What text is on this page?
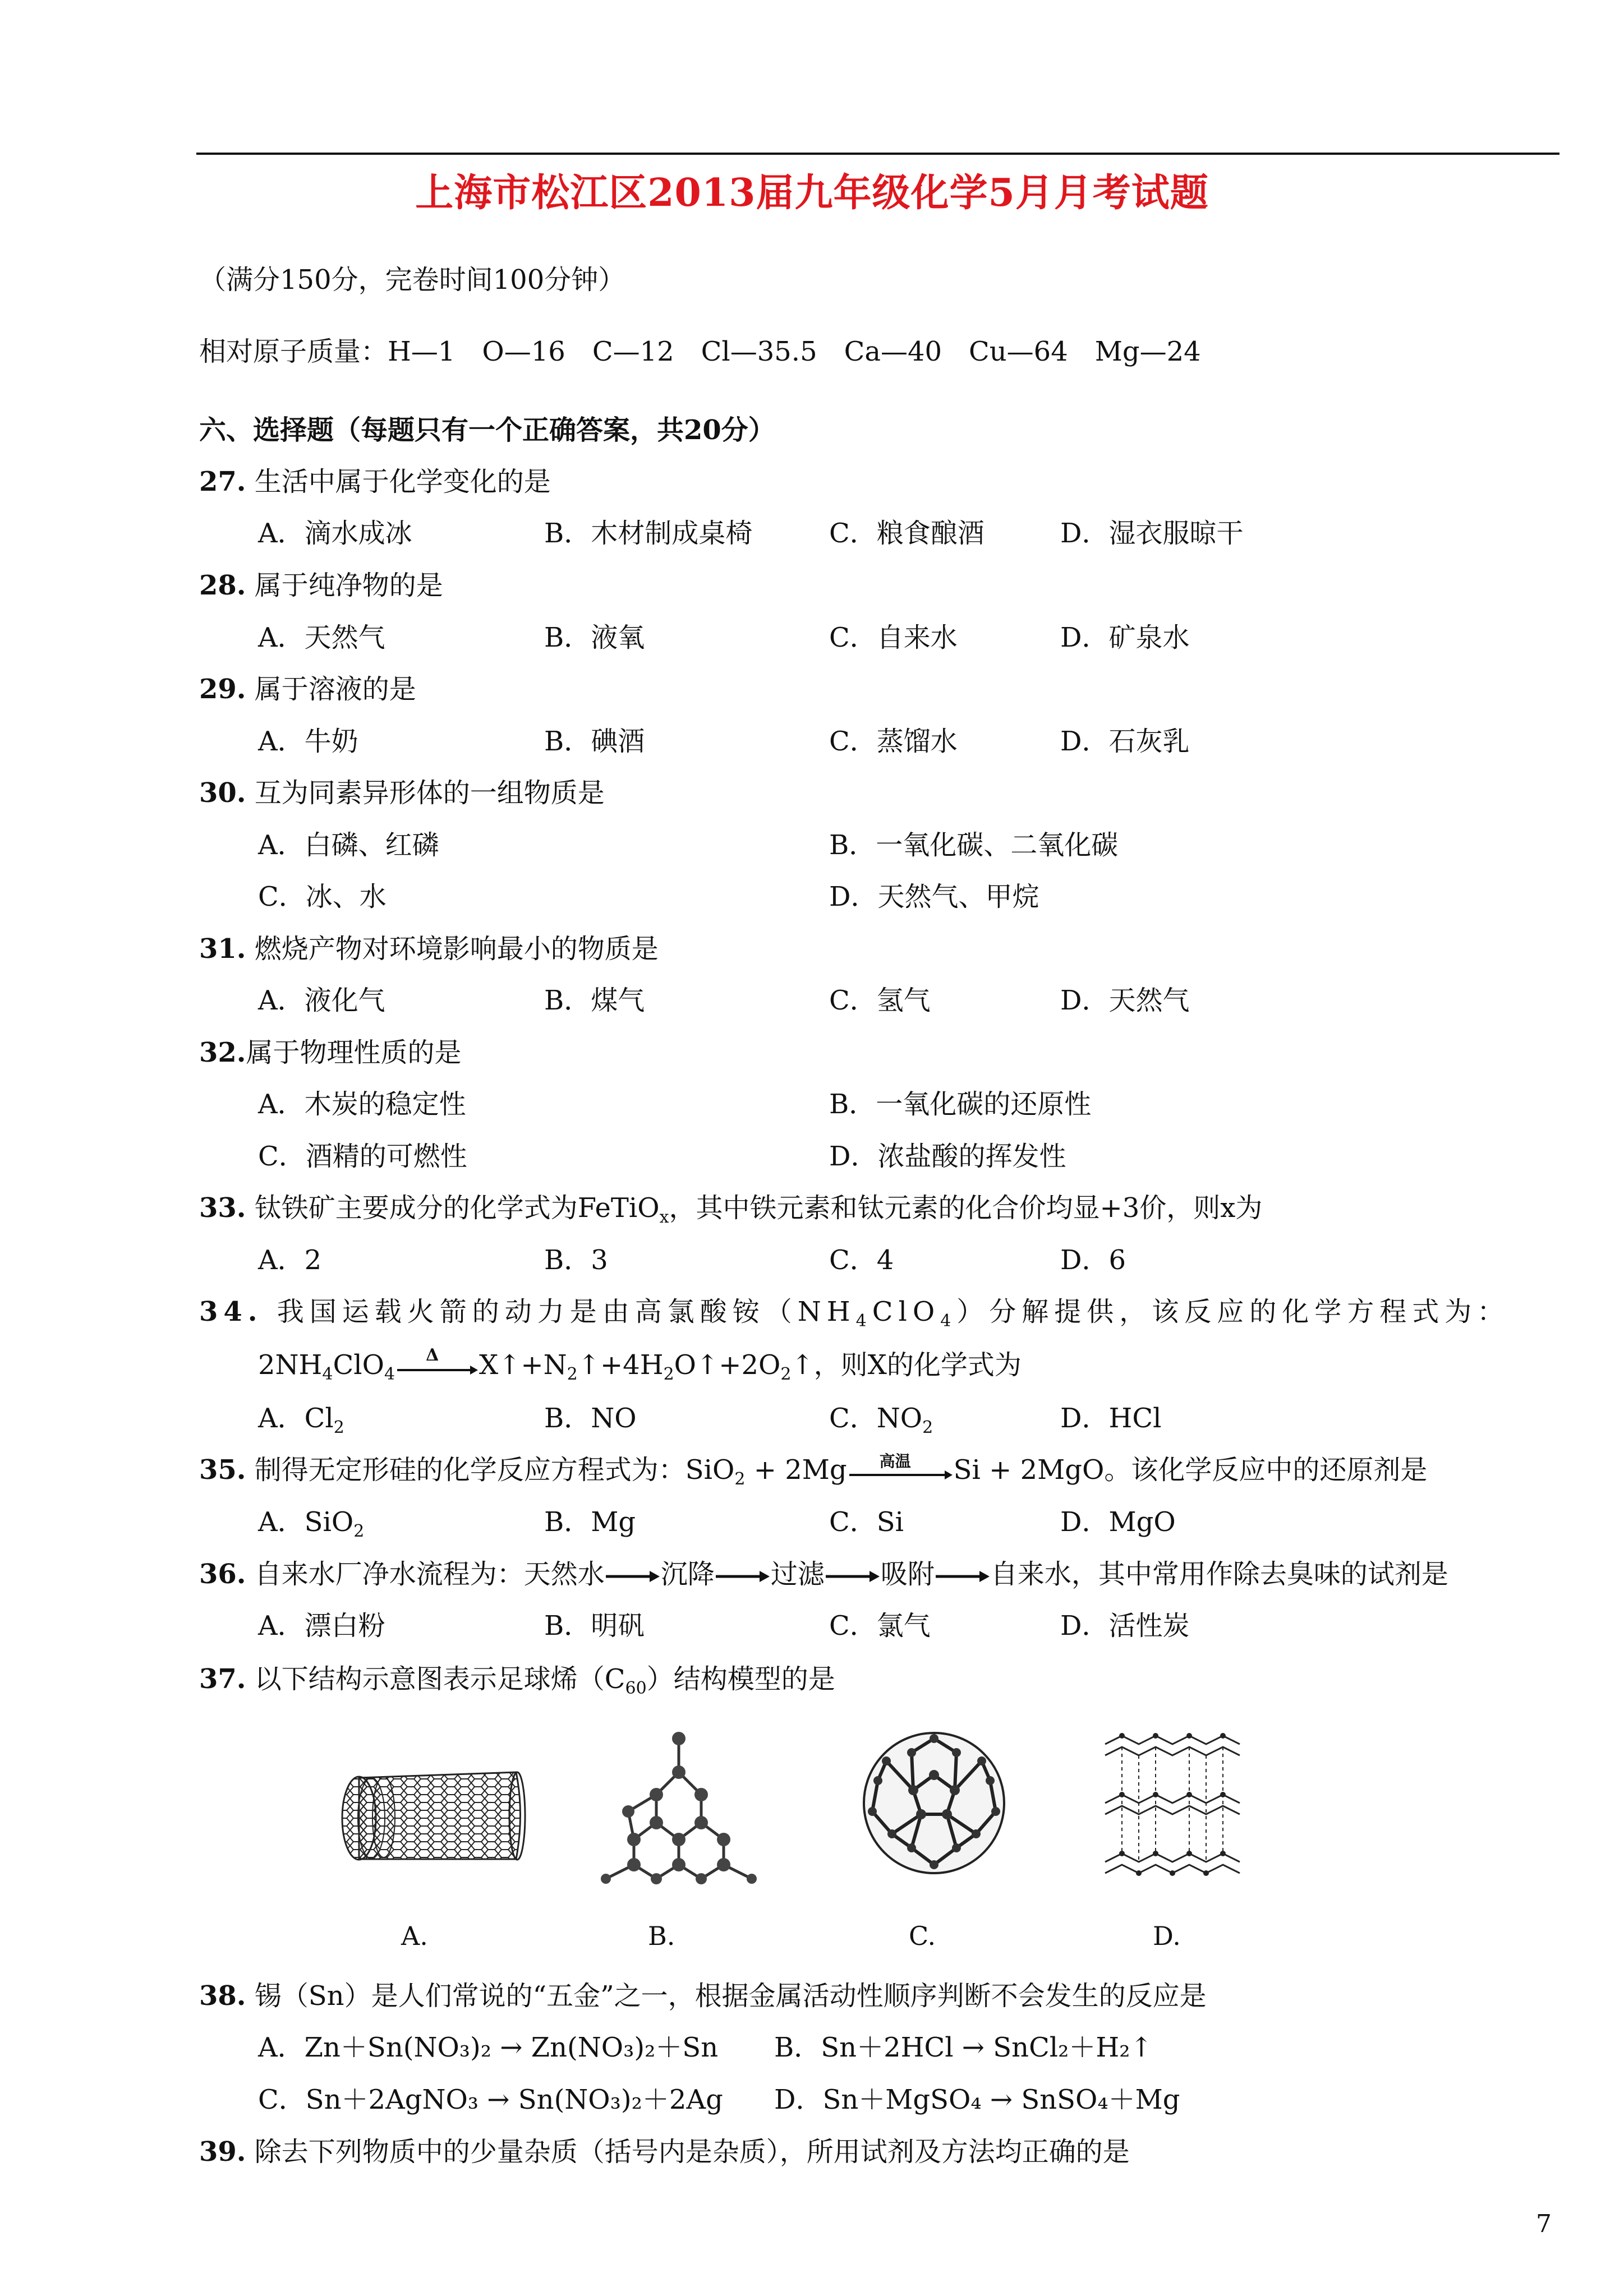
上海市松江区2013届九年级化学5月月考试题
（满分150分，完卷时间100分钟）
相对原子质量：H—1　O—16　C—12　Cl—35.5　Ca—40　Cu—64　Mg—24
六、选择题（每题只有一个正确答案，共20分）
27. 生活中属于化学变化的是
A．滴水成冰	B．木材制成桌椅	C．粮食酿酒	D．湿衣服晾干
28. 属于纯净物的是
A．天然气	B．液氧	C．自来水	D．矿泉水
29. 属于溶液的是
A．牛奶	B．碘酒	C．蒸馏水	D．石灰乳
30. 互为同素异形体的一组物质是
A．白磷、红磷	B．一氧化碳、二氧化碳
C．冰、水	D．天然气、甲烷
31. 燃烧产物对环境影响最小的物质是
A．液化气	B．煤气	C．氢气	D．天然气
32.属于物理性质的是
A．木炭的稳定性	B．一氧化碳的还原性
C．酒精的可燃性	D．浓盐酸的挥发性
33. 钛铁矿主要成分的化学式为FeTiO$_x$，其中铁元素和钛元素的化合价均显+3价，则x为
A．2	B．3	C．4	D．6
34. 我国运载火箭的动力是由高氯酸铵$(NH_4ClO_4)$分解提供，该反应的化学方程式为：
$2NH_4ClO_4$
Δ $X↑+N_2↑+4H_2O↑+2O_2↑$，则X的化学式为
A．$Cl_2$	B．NO	C．$NO_2$	D．HCl
35. 制得无定形硅的化学反应方程式为：SiO$_2$ + 2Mg 高温 Si + 2MgO。该化学反应中的还原剂是
A．SiO$_2$	B．Mg	C．Si	D．MgO
36. 自来水厂净水流程为：天然水 沉降 过滤 吸附 自来水，其中常用作除去臭味的试剂是
A．漂白粉	B．明矾	C．氯气	D．活性炭
37. 以下结构示意图表示足球烯$(C_{60})$结构模型的是
A.	B.	C.	D.
38. 锡（Sn）是人们常说的“五金”之一，根据金属活动性顺序判断不会发生的反应是
A．Zn＋Sn(NO₃)₂ → Zn(NO₃)₂＋Sn B．Sn＋2HCl → SnCl₂＋H₂↑
C．Sn＋2AgNO₃ → Sn(NO₃)₂＋2Ag D．Sn＋MgSO₄ → SnSO₄＋Mg
39. 除去下列物质中的少量杂质（括号内是杂质），所用试剂及方法均正确的是
7
